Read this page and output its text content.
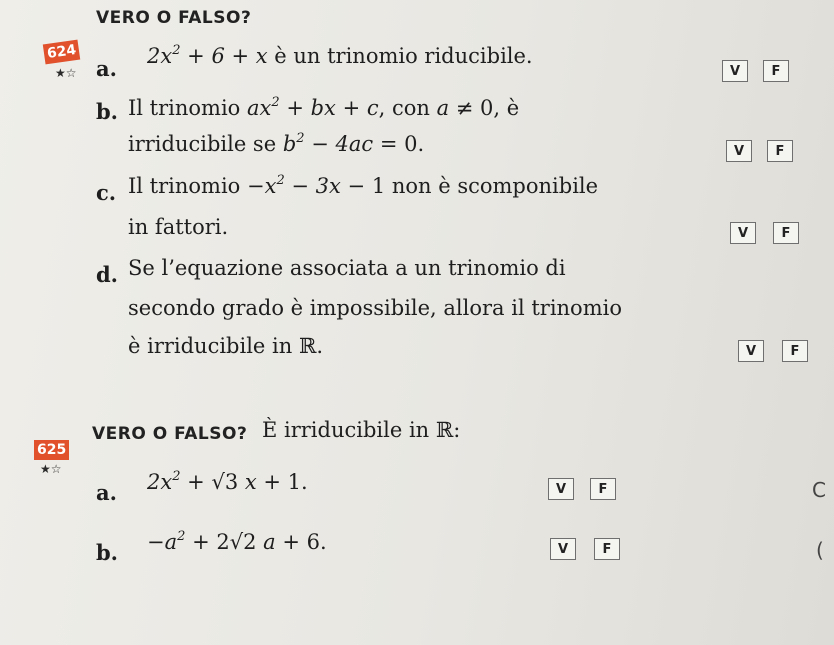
624
VERO O FALSO?
★☆ a. $2x^2 + 6 + x$ è un trinomio riducibile.
V	F
b. Il trinomio $ax^2$ + bx + c, con a ≠ 0, è
irriducibile se $b^2 - 4ac = 0$.	V	F
c. Il trinomio $-x^2 - 3x - 1$ non è scomponibile
in fattori.	V	F
d. Se l’equazione associata a un trinomio di
secondo grado è impossibile, allora il trinomio
è irriducibile in ℝ.	V	F
625
VERO O FALSO? È irriducibile in ℝ:
★☆
a. $2x^2 + √3$ x + 1.	V	F	C
b. $-a^2 + 2√2$ a + 6.	V	F	(
